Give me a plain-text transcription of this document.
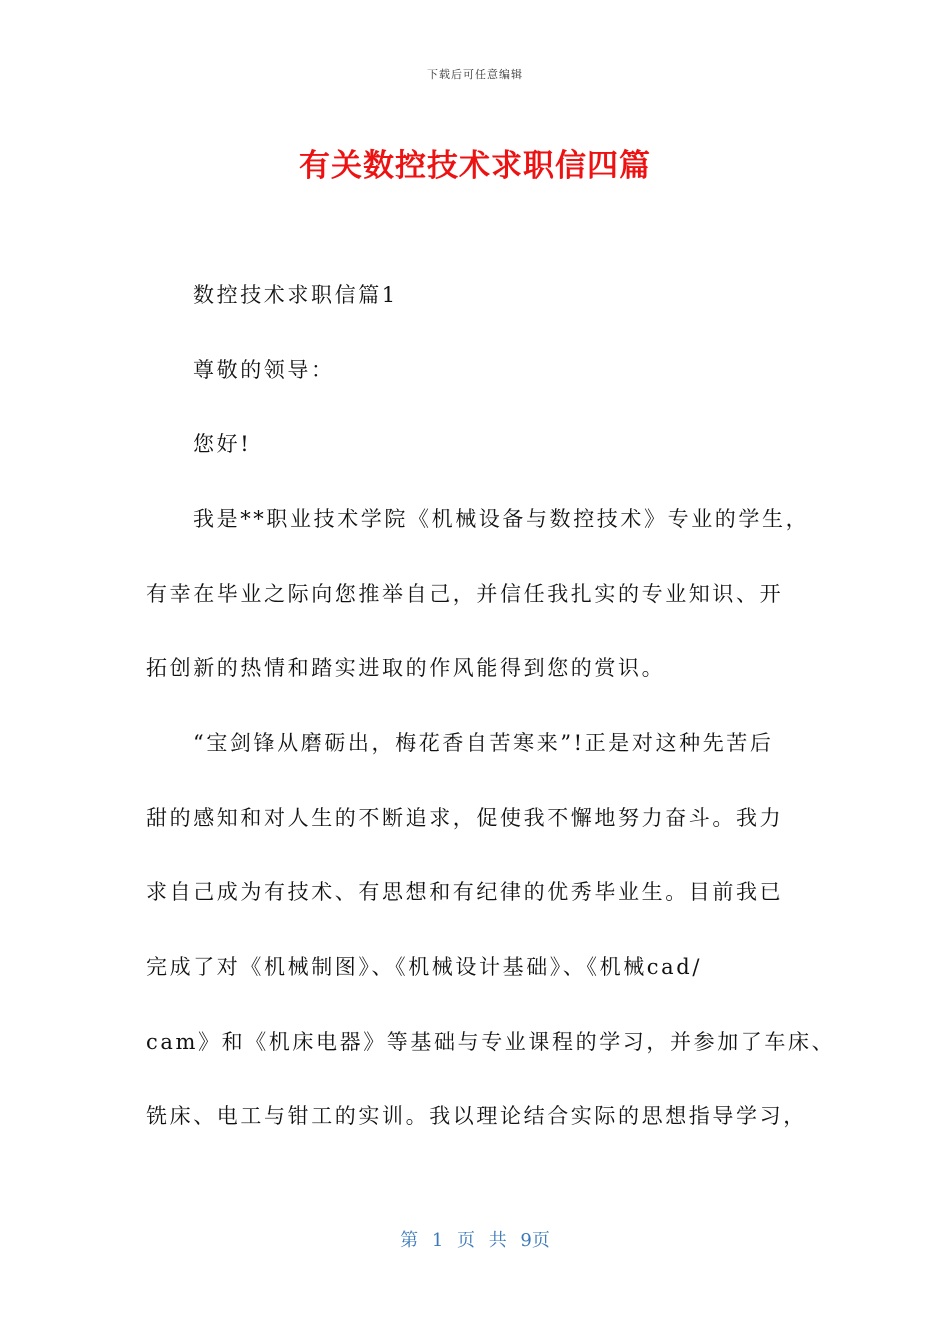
下载后可任意编辑
有关数控技术求职信四篇
数控技术求职信篇1
尊敬的领导：
您好!
我是**职业技术学院《机械设备与数控技术》专业的学生，
有幸在毕业之际向您推举自己，并信任我扎实的专业知识、开
拓创新的热情和踏实进取的作风能得到您的赏识。
“宝剑锋从磨砺出，梅花香自苦寒来”!正是对这种先苦后
甜的感知和对人生的不断追求，促使我不懈地努力奋斗。我力
求自己成为有技术、有思想和有纪律的优秀毕业生。目前我已
完成了对《机械制图》、《机械设计基础》、《机械cad/
cam》和《机床电器》等基础与专业课程的学习，并参加了车床、
铣床、电工与钳工的实训。我以理论结合实际的思想指导学习，
第 1 页 共 9页
